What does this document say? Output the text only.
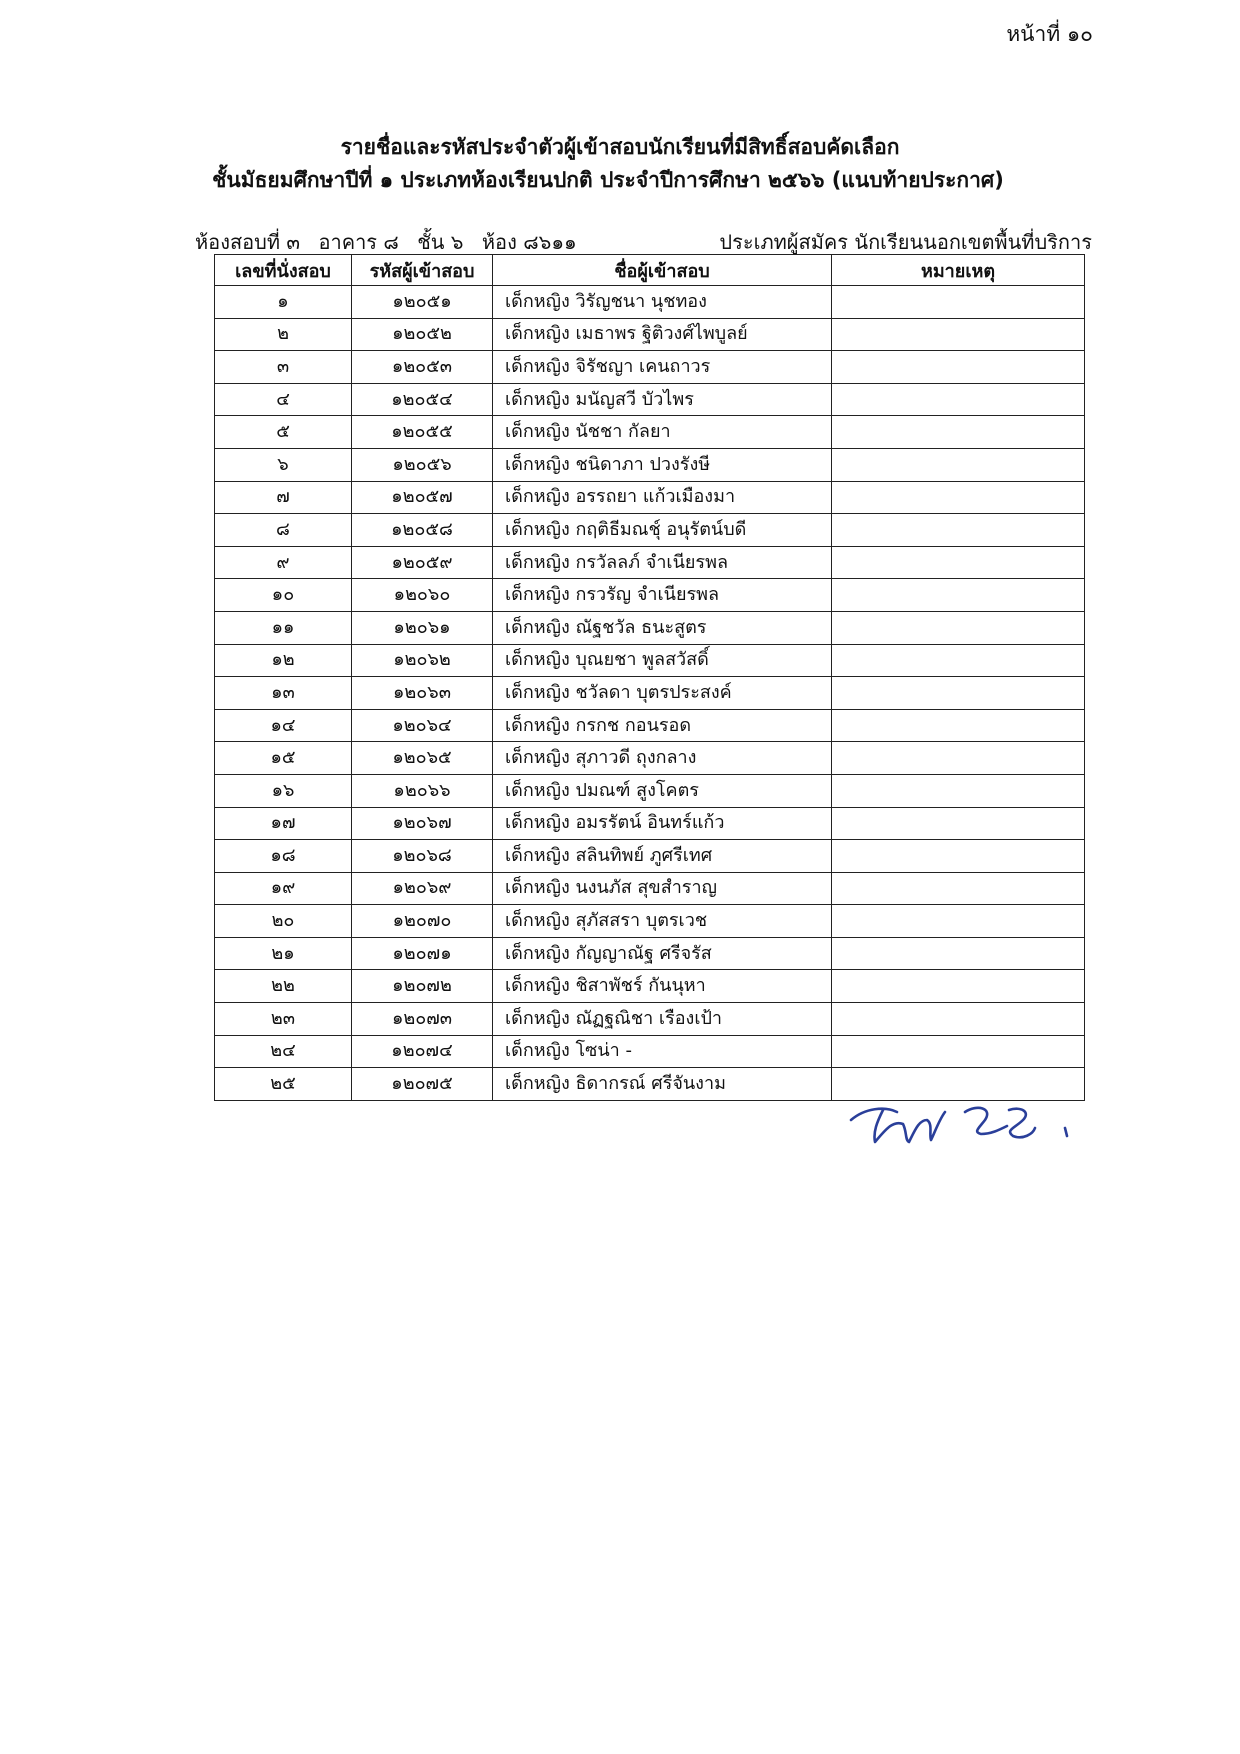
หน้าที่ ๑๐
รายชื่อและรหัสประจำตัวผู้เข้าสอบนักเรียนที่มีสิทธิ์สอบคัดเลือก
ชั้นมัธยมศึกษาปีที่ ๑ ประเภทห้องเรียนปกติ ประจำปีการศึกษา ๒๕๖๖ (แนบท้ายประกาศ)
ห้องสอบที่ ๓ อาคาร ๘ ชั้น ๖ ห้อง ๘๖๑๑	ประเภทผู้สมัคร นักเรียนนอกเขตพื้นที่บริการ
เลขที่นั่งสอบ	รหัสผู้เข้าสอบ	ชื่อผู้เข้าสอบ	หมายเหตุ
๑	๑๒๐๕๑	เด็กหญิง วิรัญชนา นุชทอง	
๒	๑๒๐๕๒	เด็กหญิง เมธาพร ฐิติวงศ์ไพบูลย์	
๓	๑๒๐๕๓	เด็กหญิง จิรัชญา เคนถาวร	
๔	๑๒๐๕๔	เด็กหญิง มนัญสวี บัวไพร	
๕	๑๒๐๕๕	เด็กหญิง นัชชา กัลยา	
๖	๑๒๐๕๖	เด็กหญิง ชนิดาภา ปวงรังษี	
๗	๑๒๐๕๗	เด็กหญิง อรรถยา แก้วเมืองมา	
๘	๑๒๐๕๘	เด็กหญิง กฤติธีมณชุ์ อนุรัตน์บดี	
๙	๑๒๐๕๙	เด็กหญิง กรวัลลภ์ จำเนียรพล	
๑๐	๑๒๐๖๐	เด็กหญิง กรวรัญ จำเนียรพล	
๑๑	๑๒๐๖๑	เด็กหญิง ณัฐชวัล ธนะสูตร	
๑๒	๑๒๐๖๒	เด็กหญิง บุณยชา พูลสวัสดิ์	
๑๓	๑๒๐๖๓	เด็กหญิง ชวัลดา บุตรประสงค์	
๑๔	๑๒๐๖๔	เด็กหญิง กรกช กอนรอด	
๑๕	๑๒๐๖๕	เด็กหญิง สุภาวดี ถุงกลาง	
๑๖	๑๒๐๖๖	เด็กหญิง ปมณฑ์ สูงโคตร	
๑๗	๑๒๐๖๗	เด็กหญิง อมรรัตน์ อินทร์แก้ว	
๑๘	๑๒๐๖๘	เด็กหญิง สลินทิพย์ ภูศรีเทศ	
๑๙	๑๒๐๖๙	เด็กหญิง นงนภัส สุขสำราญ	
๒๐	๑๒๐๗๐	เด็กหญิง สุภัสสรา บุตรเวช	
๒๑	๑๒๐๗๑	เด็กหญิง กัญญาณัฐ ศรีจรัส	
๒๒	๑๒๐๗๒	เด็กหญิง ชิสาพัชร์ กันนุหา	
๒๓	๑๒๐๗๓	เด็กหญิง ณัฏฐณิชา เรืองเป้า	
๒๔	๑๒๐๗๔	เด็กหญิง โซน่า -	
๒๕	๑๒๐๗๕	เด็กหญิง ธิดากรณ์ ศรีจันงาม	
